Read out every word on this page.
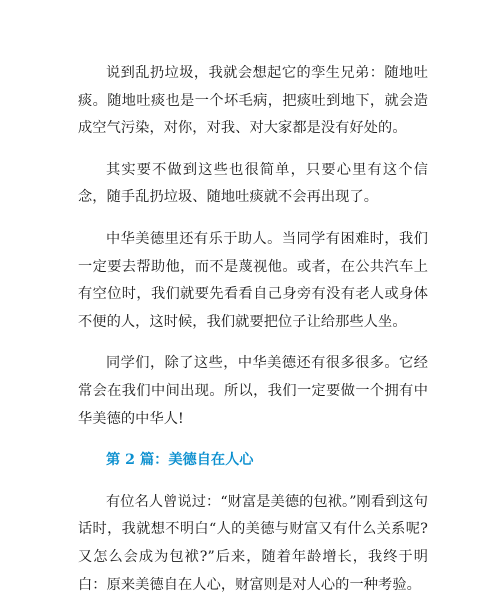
说到乱扔垃圾，我就会想起它的孪生兄弟：随地吐痰。随地吐痰也是一个坏毛病，把痰吐到地下，就会造成空气污染，对你，对我、对大家都是没有好处的。

其实要不做到这些也很简单，只要心里有这个信念，随手乱扔垃圾、随地吐痰就不会再出现了。

中华美德里还有乐于助人。当同学有困难时，我们一定要去帮助他，而不是蔑视他。或者，在公共汽车上有空位时，我们就要先看看自己身旁有没有老人或身体不便的人，这时候，我们就要把位子让给那些人坐。

同学们，除了这些，中华美德还有很多很多。它经常会在我们中间出现。所以，我们一定要做一个拥有中华美德的中华人!

第 2 篇：美德自在人心

有位名人曾说过：“财富是美德的包袱。”刚看到这句话时，我就想不明白“人的美德与财富又有什么关系呢?又怎么会成为包袱?”后来，随着年龄增长，我终于明白：原来美德自在人心，财富则是对人心的一种考验。
